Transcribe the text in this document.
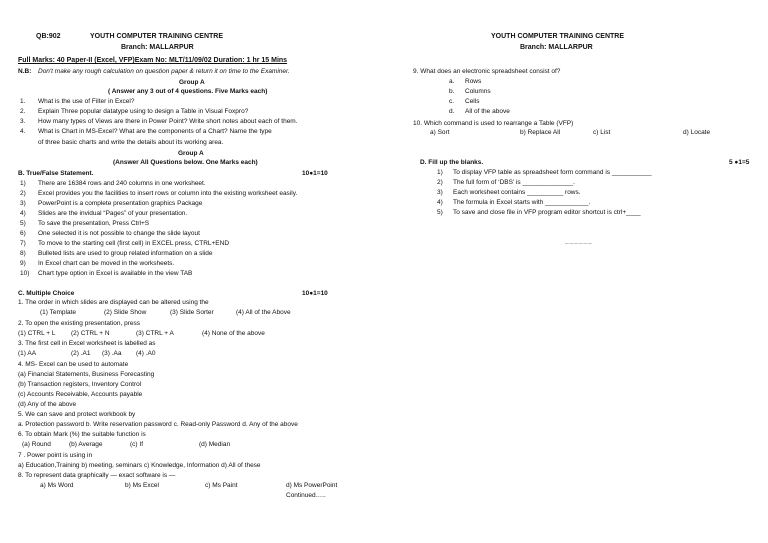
QB:902	YOUTH COMPUTER TRAINING CENTRE
Branch: MALLARPUR
Full Marks: 40 Paper-II (Excel, VFP)Exam No: MLT/11/09/02 Duration: 1 hr 15 Mins
N.B: Don't make any rough calculation on question paper & return it on time to the Examiner.
Group A
( Answer any 3 out of 4 questions. Five Marks each)
1. What is the use of Filter in Excel?
2. Explain Three popular datatype using to design a Table in Visual Foxpro?
3. How many types of Views are there in Power Point? Write short notes about each of them.
4. What is Chart in MS-Excel? What are the components of a Chart? Name the type
of three basic charts and write the details about its working area.
Group A
(Answer All Questions below. One Marks each)
B. True/False Statement.	10●1=10
1) There are 16384 rows and 240 columns in one worksheet.
2) Excel provides you the facilities to insert rows or column into the existing worksheet easily.
3) PowerPoint is a complete presentation graphics Package
4) Slides are the invidual “Pages” of your presentation.
5) To save the presentation, Press Ctrl+S
6) One selected it is not possible to change the slide layout
7) To move to the starting cell (first cell) in EXCEL press, CTRL+END
8) Bulleted lists are used to group related information on a slide
9) In Excel chart can be moved in the worksheets.
10) Chart type option in Excel is available in the view TAB
C. Multiple Choice	10●1=10
1. The order in which slides are displayed can be altered using the
(1) Template	(2) Slide Show	(3) Slide Sorter	(4) All of the Above
2. To open the existing presentation, press
(1) CTRL + L (2) CTRL + N	(3) CTRL + A	(4) None of the above
3. The first cell in Excel worksheet is labelled as
(1) AA	(2) .A1 (3) .Aa (4) .A0
4. MS- Excel can be used to automate
(a) Financial Statements, Business Forecasting
(b) Transaction registers, Inventory Control
(c) Accounts Receivable, Accounts payable
(d) Any of the above
5. We can save and protect workbook by
a. Protection password b. Write reservation password c. Read-only Password d. Any of the above
6. To obtain Mark (%) the suitable function is
(a) Round	(b) Average	(c) If	(d) Median
7 . Power point is using in
a) Education,Training b) meeting, seminars c) Knowledge, Information d) All of these
8. To represent data graphically — exact software is —
a) Ms Word	b) Ms Excel	c) Ms Paint	d) Ms PowerPoint
Continued…..
YOUTH COMPUTER TRAINING CENTRE
Branch: MALLARPUR
9. What does an electronic spreadsheet consist of?
a. Rows
b. Columns
c. Cells
d. All of the above
10. Which command is used to rearrange a Table (VFP)
a) Sort	b) Replace All	c) List	d) Locate
D. Fill up the blanks.	5 ●1=5
1) To display VFP table as spreadsheet form command is ___________
2) The full form of ‘DBS’ is ______________.
3) Each worksheet contains __________ rows.
4) The formula in Excel starts with ____________.
5) To save and close file in VFP program editor shortcut is ctrl+____
______
